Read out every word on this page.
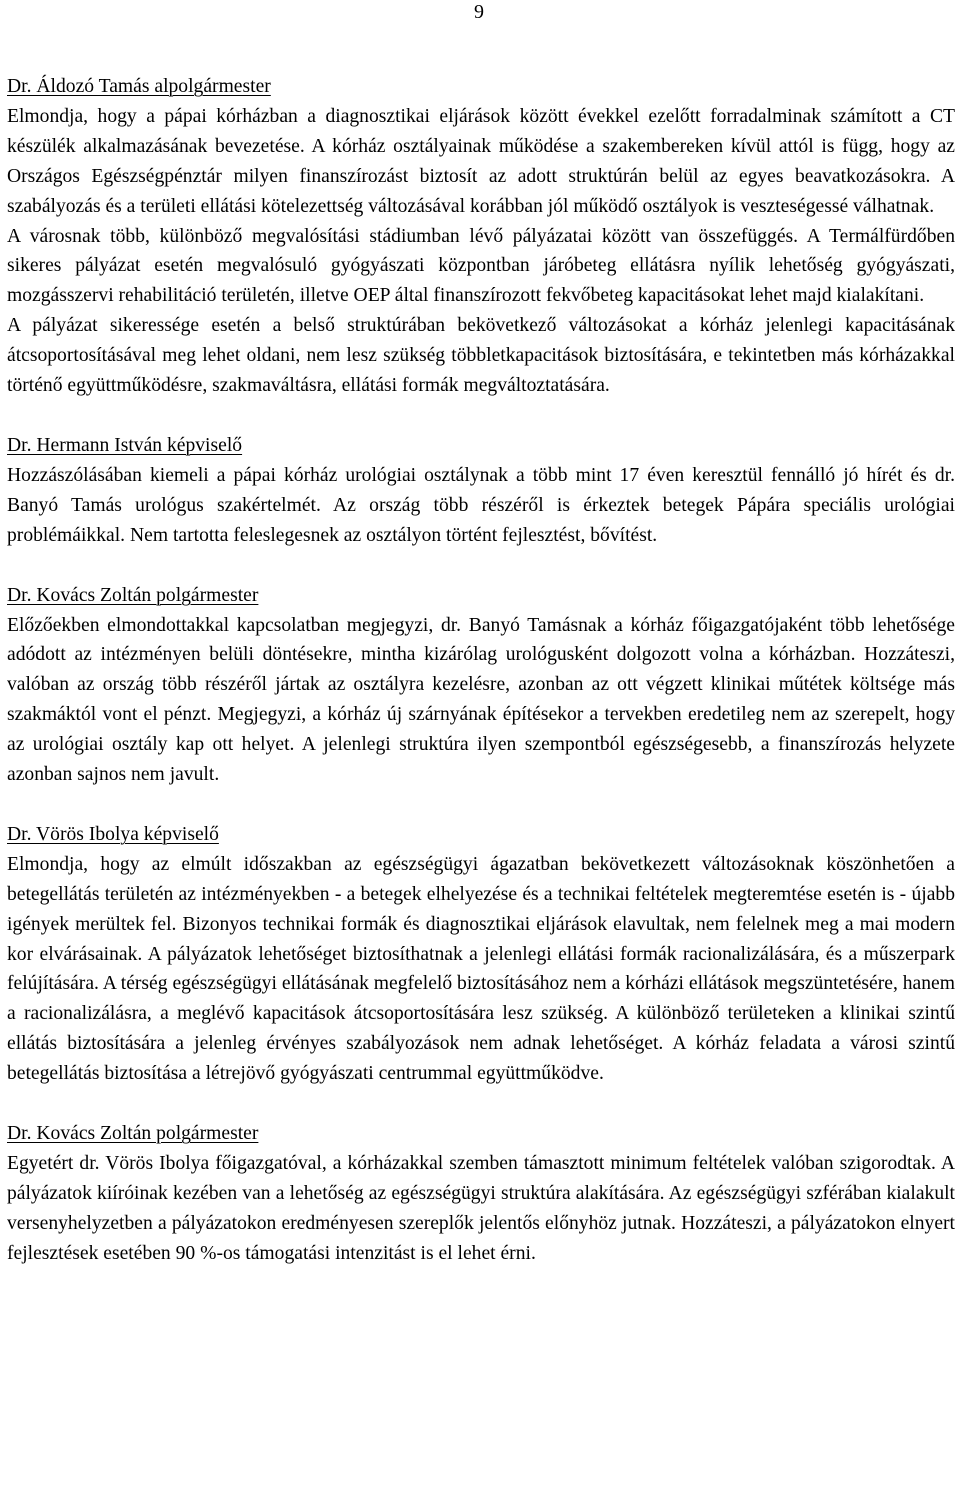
9
Dr. Áldozó Tamás alpolgármester

Elmondja, hogy a pápai kórházban a diagnosztikai eljárások között évekkel ezelőtt forradalminak számított a CT készülék alkalmazásának bevezetése. A kórház osztályainak működése a szakembereken kívül attól is függ, hogy az Országos Egészségpénztár milyen finanszírozást biztosít az adott struktúrán belül az egyes beavatkozásokra. A szabályozás és a területi ellátási kötelezettség változásával korábban jól működő osztályok is veszteségessé válhatnak.

A városnak több, különböző megvalósítási stádiumban lévő pályázatai között van összefüggés. A Termálfürdőben sikeres pályázat esetén megvalósuló gyógyászati központban járóbeteg ellátásra nyílik lehetőség gyógyászati, mozgásszervi rehabilitáció területén, illetve OEP által finanszírozott fekvőbeteg kapacitásokat lehet majd kialakítani.

A pályázat sikeressége esetén a belső struktúrában bekövetkező változásokat a kórház jelenlegi kapacitásának átcsoportosításával meg lehet oldani, nem lesz szükség többletkapacitások biztosítására, e tekintetben más kórházakkal történő együttműködésre, szakmaváltásra, ellátási formák megváltoztatására.

Dr. Hermann István képviselő

Hozzászólásában kiemeli a pápai kórház urológiai osztálynak a több mint 17 éven keresztül fennálló jó hírét és dr. Banyó Tamás urológus szakértelmét. Az ország több részéről is érkeztek betegek Pápára speciális urológiai problémáikkal. Nem tartotta feleslegesnek az osztályon történt fejlesztést, bővítést.

Dr. Kovács Zoltán polgármester

Előzőekben elmondottakkal kapcsolatban megjegyzi, dr. Banyó Tamásnak a kórház főigazgatójaként több lehetősége adódott az intézményen belüli döntésekre, mintha kizárólag urológusként dolgozott volna a kórházban. Hozzáteszi, valóban az ország több részéről jártak az osztályra kezelésre, azonban az ott végzett klinikai műtétek költsége más szakmáktól vont el pénzt. Megjegyzi, a kórház új szárnyának építésekor a tervekben eredetileg nem az szerepelt, hogy az urológiai osztály kap ott helyet. A jelenlegi struktúra ilyen szempontból egészségesebb, a finanszírozás helyzete azonban sajnos nem javult.

Dr. Vörös Ibolya képviselő

Elmondja, hogy az elmúlt időszakban az egészségügyi ágazatban bekövetkezett változásoknak köszönhetően a betegellátás területén az intézményekben - a betegek elhelyezése és a technikai feltételek megteremtése esetén is - újabb igények merültek fel. Bizonyos technikai formák és diagnosztikai eljárások elavultak, nem felelnek meg a mai modern kor elvárásainak. A pályázatok lehetőséget biztosíthatnak a jelenlegi ellátási formák racionalizálására, és a műszerpark felújítására. A térség egészségügyi ellátásának megfelelő biztosításához nem a kórházi ellátások megszüntetésére, hanem a racionalizálásra, a meglévő kapacitások átcsoportosítására lesz szükség. A különböző területeken a klinikai szintű ellátás biztosítására a jelenleg érvényes szabályozások nem adnak lehetőséget. A kórház feladata a városi szintű betegellátás biztosítása a létrejövő gyógyászati centrummal együttműködve.

Dr. Kovács Zoltán polgármester

Egyetért dr. Vörös Ibolya főigazgatóval, a kórházakkal szemben támasztott minimum feltételek valóban szigorodtak. A pályázatok kiíróinak kezében van a lehetőség az egészségügyi struktúra alakítására. Az egészségügyi szférában kialakult versenyhelyzetben a pályázatokon eredményesen szereplők jelentős előnyhöz jutnak. Hozzáteszi, a pályázatokon elnyert fejlesztések esetében 90 %-os támogatási intenzitást is el lehet érni.
